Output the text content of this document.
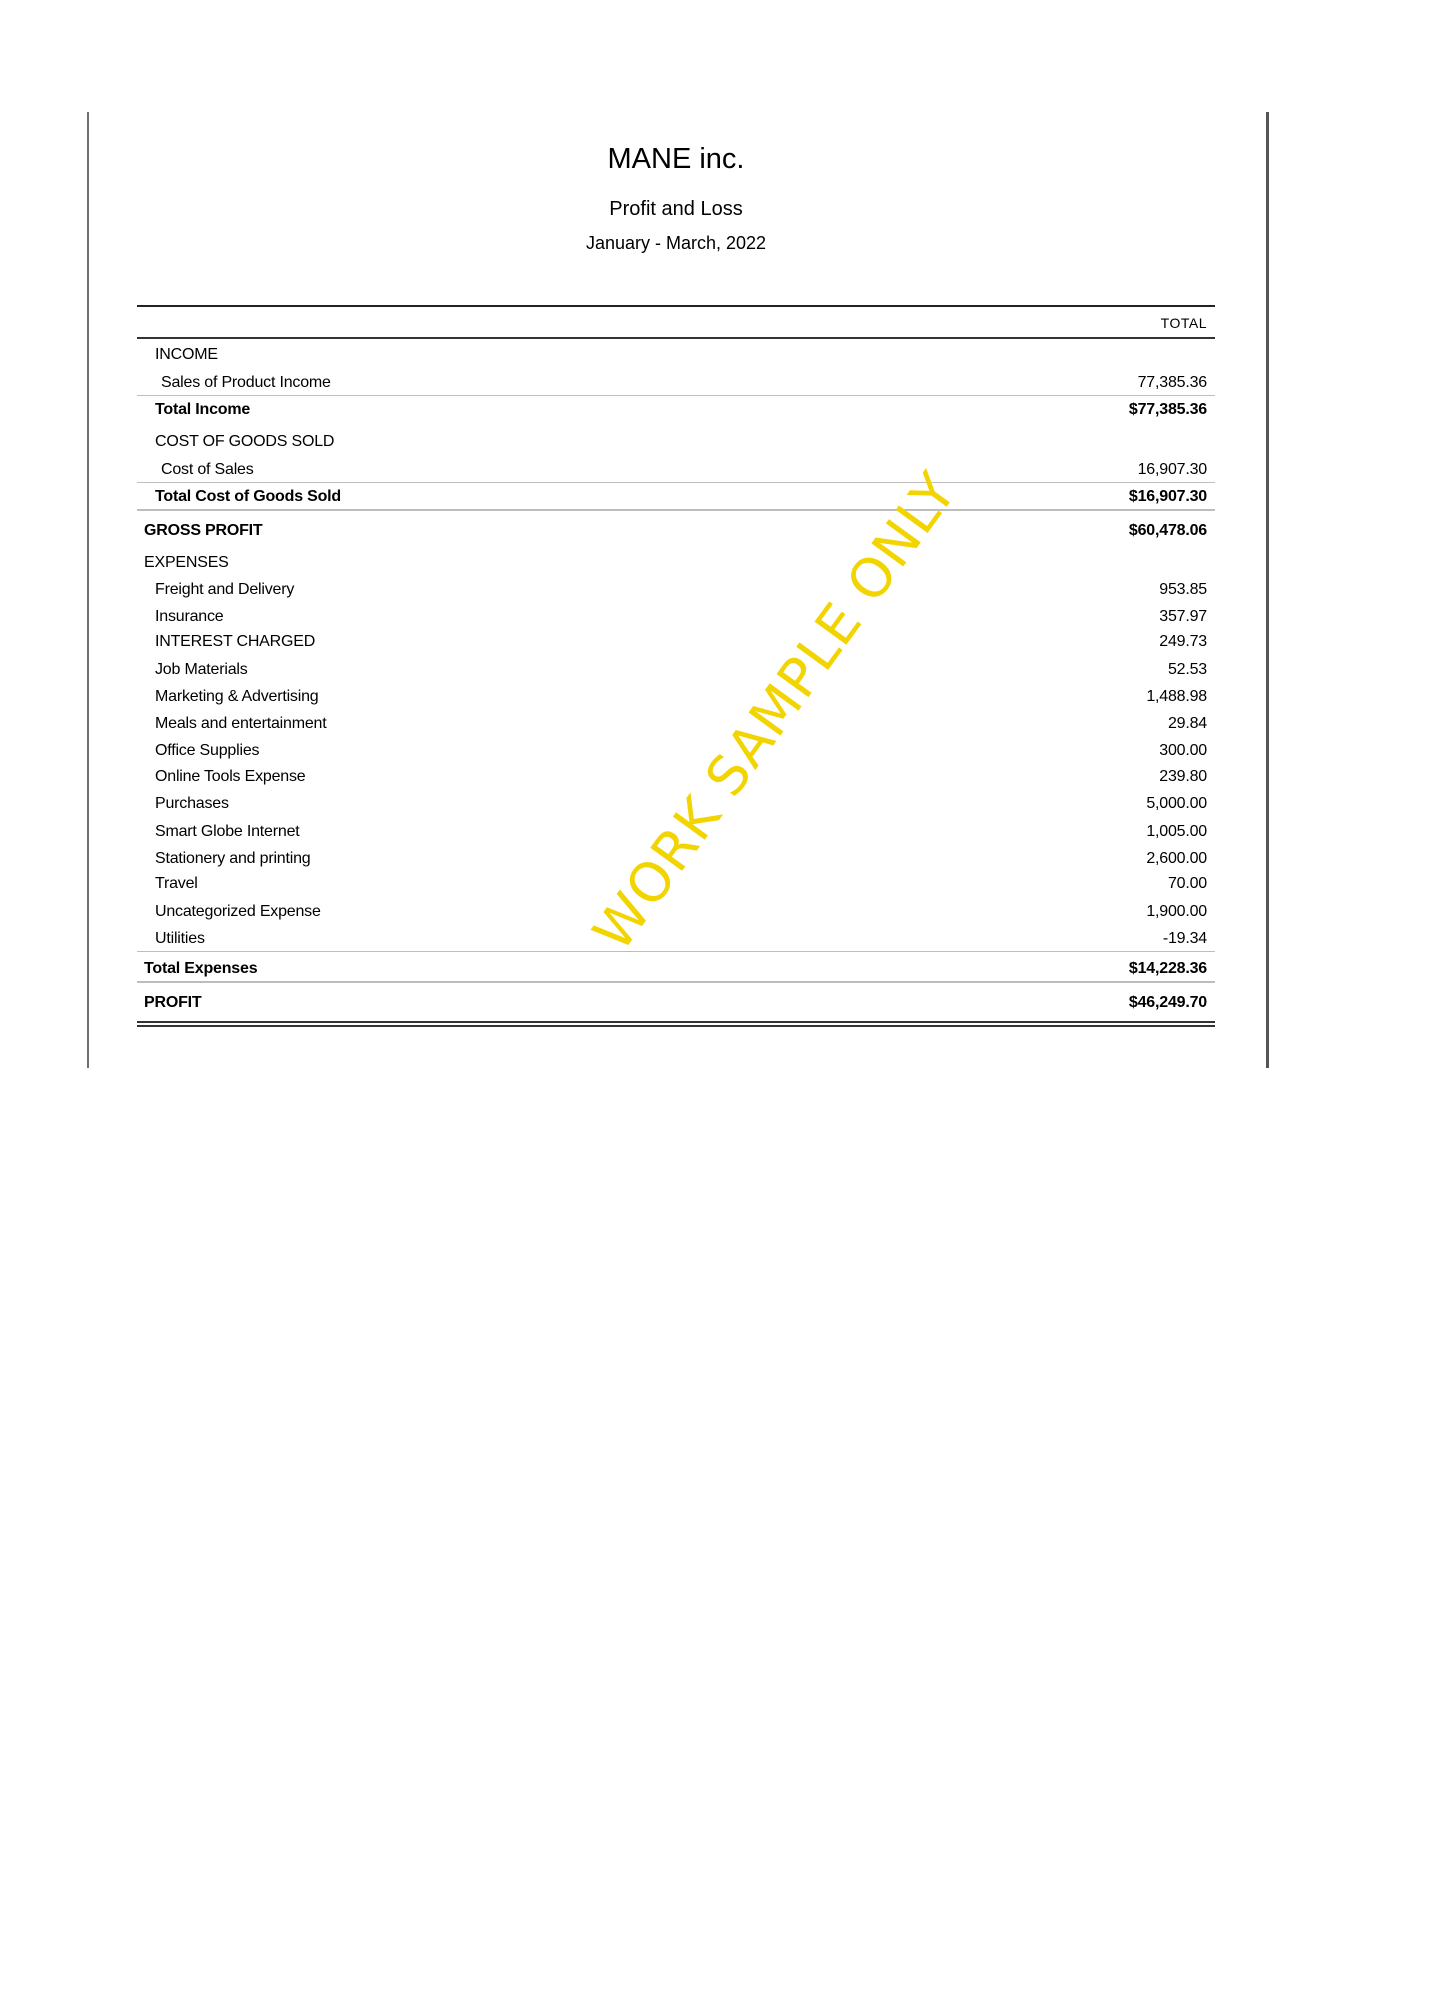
MANE inc.
Profit and Loss
January - March, 2022
TOTAL
INCOME
Sales of Product Income	77,385.36
Total Income	$77,385.36
COST OF GOODS SOLD
Cost of Sales	16,907.30
Total Cost of Goods Sold	$16,907.30
GROSS PROFIT	$60,478.06
EXPENSES
Freight and Delivery	953.85
Insurance	357.97
INTEREST CHARGED	249.73
Job Materials	52.53
Marketing & Advertising	1,488.98
Meals and entertainment	29.84
Office Supplies	300.00
Online Tools Expense	239.80
Purchases	5,000.00
Smart Globe Internet	1,005.00
Stationery and printing	2,600.00
Travel	70.00
Uncategorized Expense	1,900.00
Utilities	-19.34
Total Expenses	$14,228.36
PROFIT	$46,249.70
WORK SAMPLE ONLY
